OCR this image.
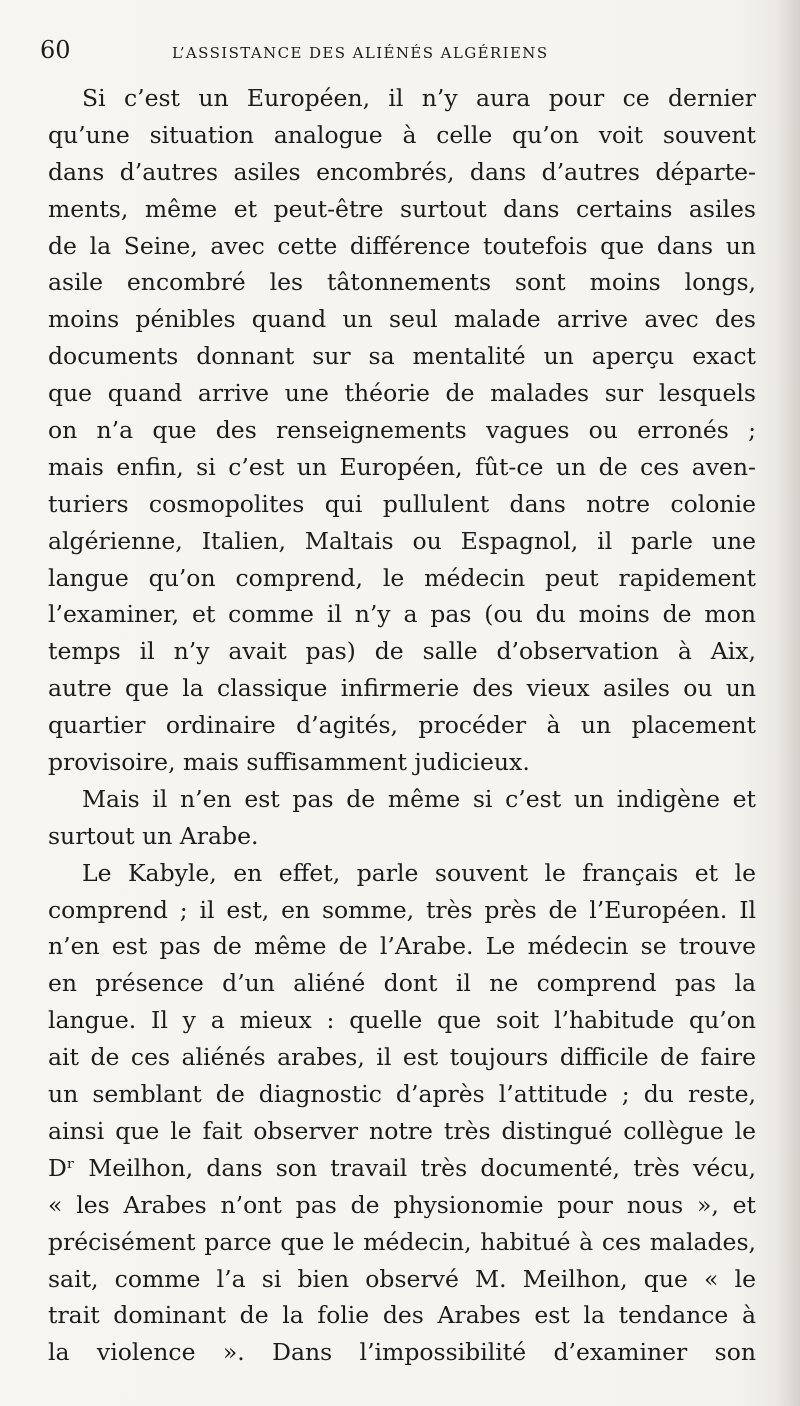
60	L’ASSISTANCE DES ALIÉNÉS ALGÉRIENS
Si c’est un Européen, il n’y aura pour ce dernier
qu’une situation analogue à celle qu’on voit souvent
dans d’autres asiles encombrés, dans d’autres départe-
ments, même et peut-être surtout dans certains asiles
de la Seine, avec cette différence toutefois que dans un
asile encombré les tâtonnements sont moins longs,
moins pénibles quand un seul malade arrive avec des
documents donnant sur sa mentalité un aperçu exact
que quand arrive une théorie de malades sur lesquels
on n’a que des renseignements vagues ou erronés ;
mais enfin, si c’est un Européen, fût-ce un de ces aven-
turiers cosmopolites qui pullulent dans notre colonie
algérienne, Italien, Maltais ou Espagnol, il parle une
langue qu’on comprend, le médecin peut rapidement
l’examiner, et comme il n’y a pas (ou du moins de mon
temps il n’y avait pas) de salle d’observation à Aix,
autre que la classique infirmerie des vieux asiles ou un
quartier ordinaire d’agités, procéder à un placement
provisoire, mais suffisamment judicieux.
Mais il n’en est pas de même si c’est un indigène et
surtout un Arabe.
Le Kabyle, en effet, parle souvent le français et le
comprend ; il est, en somme, très près de l’Européen. Il
n’en est pas de même de l’Arabe. Le médecin se trouve
en présence d’un aliéné dont il ne comprend pas la
langue. Il y a mieux : quelle que soit l’habitude qu’on
ait de ces aliénés arabes, il est toujours difficile de faire
un semblant de diagnostic d’après l’attitude ; du reste,
ainsi que le fait observer notre très distingué collègue le
Dʳ Meilhon, dans son travail très documenté, très vécu,
« les Arabes n’ont pas de physionomie pour nous », et
précisément parce que le médecin, habitué à ces malades,
sait, comme l’a si bien observé M. Meilhon, que « le
trait dominant de la folie des Arabes est la tendance à
la violence ». Dans l’impossibilité d’examiner son
